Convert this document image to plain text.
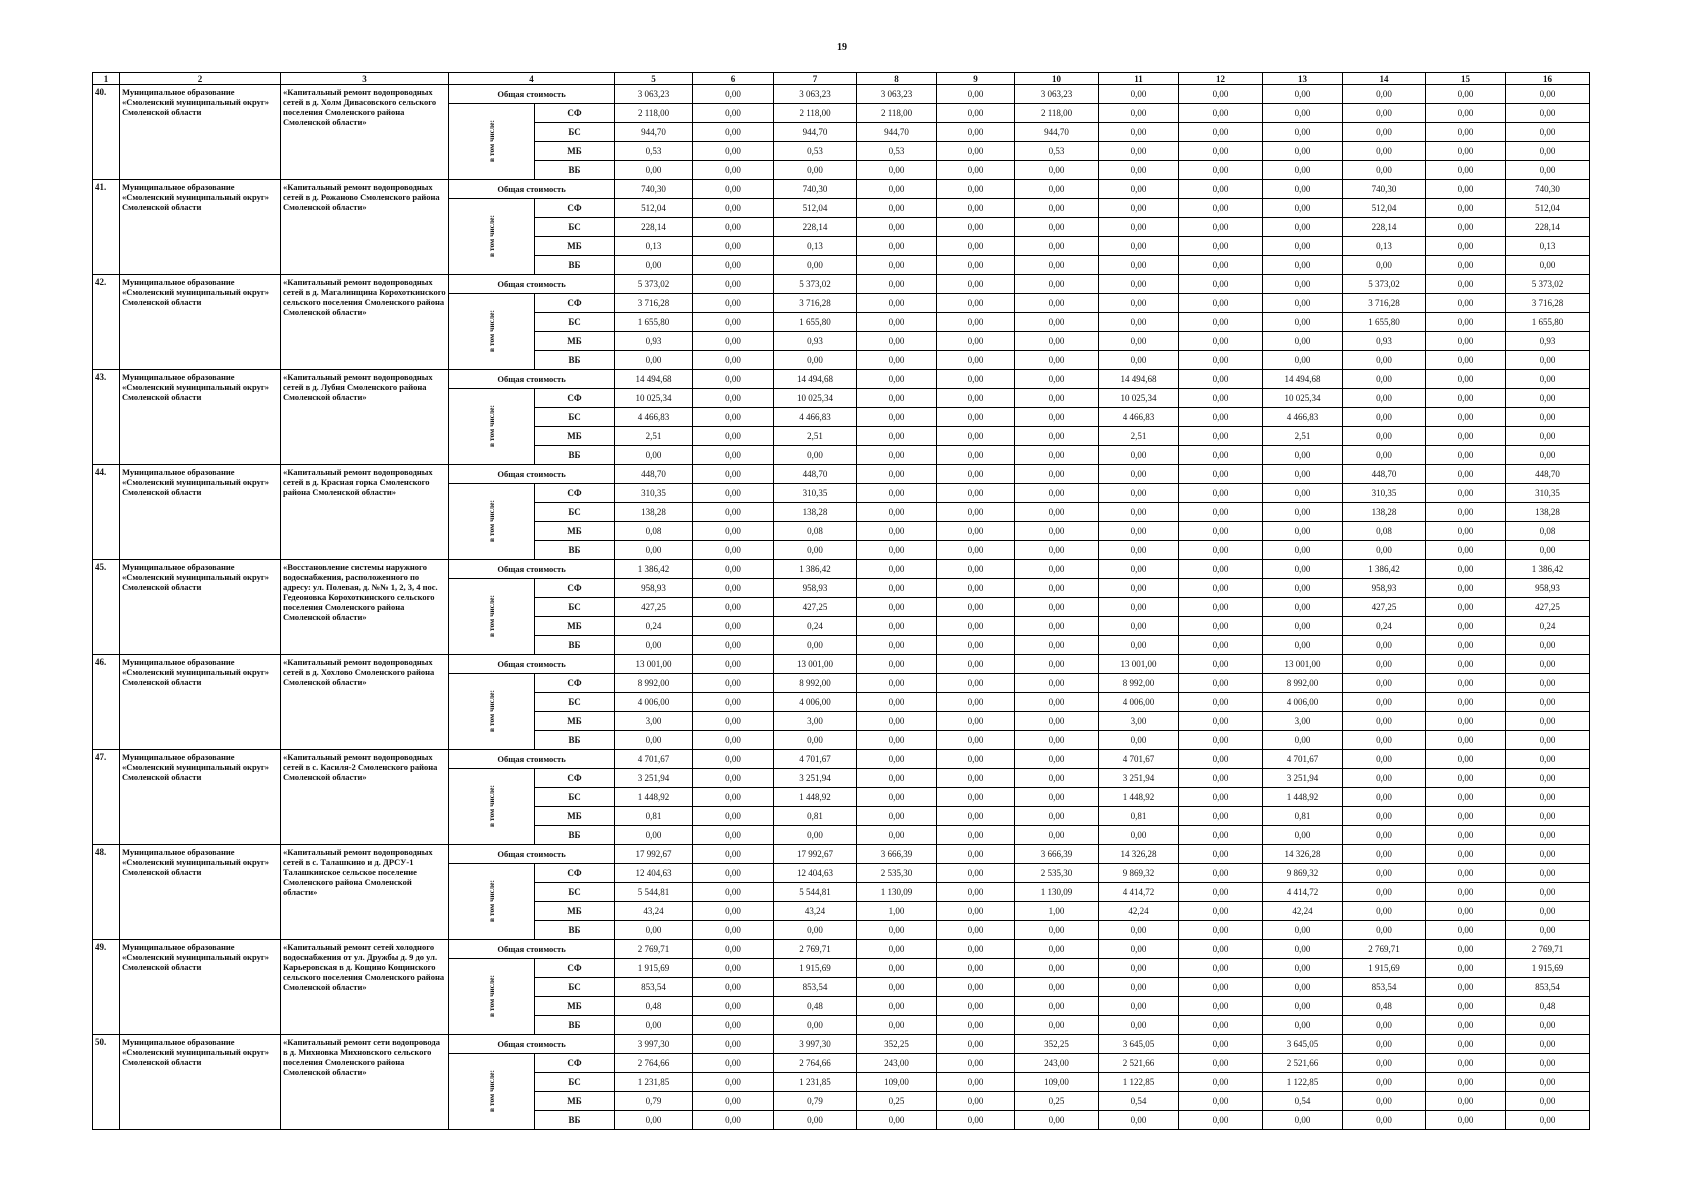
19
1	2	3	4		5	6	7	8	9	10	11	12	13	14	15	16
40.	Муниципальное образование «Смоленский муниципальный округ» Смоленской области	«Капитальный ремонт водопроводных сетей в д. Холм Дивасовского сельского поселения Смоленского района Смоленской области»	Общая стоимость		3 063,23	0,00	3 063,23	3 063,23	0,00	3 063,23	0,00	0,00	0,00	0,00	0,00	0,00

			в том числе:	СФ	2 118,00	0,00	2 118,00	2 118,00	0,00	2 118,00	0,00	0,00	0,00	0,00	0,00	0,00
				БС	944,70	0,00	944,70	944,70	0,00	944,70	0,00	0,00	0,00	0,00	0,00	0,00
				МБ	0,53	0,00	0,53	0,53	0,00	0,53	0,00	0,00	0,00	0,00	0,00	0,00
				ВБ	0,00	0,00	0,00	0,00	0,00	0,00	0,00	0,00	0,00	0,00	0,00	0,00
41.	Муниципальное образование «Смоленский муниципальный округ» Смоленской области	«Капитальный ремонт водопроводных сетей в д. Рожаново Смоленского района Смоленской области»	Общая стоимость		740,30	0,00	740,30	0,00	0,00	0,00	0,00	0,00	0,00	740,30	0,00	740,30

			в том числе:	СФ	512,04	0,00	512,04	0,00	0,00	0,00	0,00	0,00	0,00	512,04	0,00	512,04
				БС	228,14	0,00	228,14	0,00	0,00	0,00	0,00	0,00	0,00	228,14	0,00	228,14
				МБ	0,13	0,00	0,13	0,00	0,00	0,00	0,00	0,00	0,00	0,13	0,00	0,13
				ВБ	0,00	0,00	0,00	0,00	0,00	0,00	0,00	0,00	0,00	0,00	0,00	0,00
42.	Муниципальное образование «Смоленский муниципальный округ» Смоленской области	«Капитальный ремонт водопроводных сетей в д. Магалинщина Корохоткинского сельского поселения Смоленского района Смоленской области»	Общая стоимость		5 373,02	0,00	5 373,02	0,00	0,00	0,00	0,00	0,00	0,00	5 373,02	0,00	5 373,02

			в том числе:	СФ	3 716,28	0,00	3 716,28	0,00	0,00	0,00	0,00	0,00	0,00	3 716,28	0,00	3 716,28
				БС	1 655,80	0,00	1 655,80	0,00	0,00	0,00	0,00	0,00	0,00	1 655,80	0,00	1 655,80
				МБ	0,93	0,00	0,93	0,00	0,00	0,00	0,00	0,00	0,00	0,93	0,00	0,93
				ВБ	0,00	0,00	0,00	0,00	0,00	0,00	0,00	0,00	0,00	0,00	0,00	0,00
43.	Муниципальное образование «Смоленский муниципальный округ» Смоленской области	«Капитальный ремонт водопроводных сетей в д. Лубня Смоленского района Смоленской области»	Общая стоимость		14 494,68	0,00	14 494,68	0,00	0,00	0,00	14 494,68	0,00	14 494,68	0,00	0,00	0,00

			в том числе:	СФ	10 025,34	0,00	10 025,34	0,00	0,00	0,00	10 025,34	0,00	10 025,34	0,00	0,00	0,00
				БС	4 466,83	0,00	4 466,83	0,00	0,00	0,00	4 466,83	0,00	4 466,83	0,00	0,00	0,00
				МБ	2,51	0,00	2,51	0,00	0,00	0,00	2,51	0,00	2,51	0,00	0,00	0,00
				ВБ	0,00	0,00	0,00	0,00	0,00	0,00	0,00	0,00	0,00	0,00	0,00	0,00
44.	Муниципальное образование «Смоленский муниципальный округ» Смоленской области	«Капитальный ремонт водопроводных сетей в д. Красная горка Смоленского района Смоленской области»	Общая стоимость		448,70	0,00	448,70	0,00	0,00	0,00	0,00	0,00	0,00	448,70	0,00	448,70

			в том числе:	СФ	310,35	0,00	310,35	0,00	0,00	0,00	0,00	0,00	0,00	310,35	0,00	310,35
				БС	138,28	0,00	138,28	0,00	0,00	0,00	0,00	0,00	0,00	138,28	0,00	138,28
				МБ	0,08	0,00	0,08	0,00	0,00	0,00	0,00	0,00	0,00	0,08	0,00	0,08
				ВБ	0,00	0,00	0,00	0,00	0,00	0,00	0,00	0,00	0,00	0,00	0,00	0,00
45.	Муниципальное образование «Смоленский муниципальный округ» Смоленской области	«Восстановление системы наружного водоснабжения, расположенного по адресу: ул. Полевая, д. №№ 1, 2, 3, 4 пос. Гедеоновка Корохоткинского сельского поселения Смоленского района Смоленской области»	Общая стоимость		1 386,42	0,00	1 386,42	0,00	0,00	0,00	0,00	0,00	0,00	1 386,42	0,00	1 386,42

			в том числе:	СФ	958,93	0,00	958,93	0,00	0,00	0,00	0,00	0,00	0,00	958,93	0,00	958,93
				БС	427,25	0,00	427,25	0,00	0,00	0,00	0,00	0,00	0,00	427,25	0,00	427,25
				МБ	0,24	0,00	0,24	0,00	0,00	0,00	0,00	0,00	0,00	0,24	0,00	0,24
				ВБ	0,00	0,00	0,00	0,00	0,00	0,00	0,00	0,00	0,00	0,00	0,00	0,00
46.	Муниципальное образование «Смоленский муниципальный округ» Смоленской области	«Капитальный ремонт водопроводных сетей в д. Хохлово Смоленского района Смоленской области»	Общая стоимость		13 001,00	0,00	13 001,00	0,00	0,00	0,00	13 001,00	0,00	13 001,00	0,00	0,00	0,00

			в том числе:	СФ	8 992,00	0,00	8 992,00	0,00	0,00	0,00	8 992,00	0,00	8 992,00	0,00	0,00	0,00
				БС	4 006,00	0,00	4 006,00	0,00	0,00	0,00	4 006,00	0,00	4 006,00	0,00	0,00	0,00
				МБ	3,00	0,00	3,00	0,00	0,00	0,00	3,00	0,00	3,00	0,00	0,00	0,00
				ВБ	0,00	0,00	0,00	0,00	0,00	0,00	0,00	0,00	0,00	0,00	0,00	0,00
47.	Муниципальное образование «Смоленский муниципальный округ» Смоленской области	«Капитальный ремонт водопроводных сетей в с. Касиля-2 Смоленского района Смоленской области»	Общая стоимость		4 701,67	0,00	4 701,67	0,00	0,00	0,00	4 701,67	0,00	4 701,67	0,00	0,00	0,00

			в том числе:	СФ	3 251,94	0,00	3 251,94	0,00	0,00	0,00	3 251,94	0,00	3 251,94	0,00	0,00	0,00
				БС	1 448,92	0,00	1 448,92	0,00	0,00	0,00	1 448,92	0,00	1 448,92	0,00	0,00	0,00
				МБ	0,81	0,00	0,81	0,00	0,00	0,00	0,81	0,00	0,81	0,00	0,00	0,00
				ВБ	0,00	0,00	0,00	0,00	0,00	0,00	0,00	0,00	0,00	0,00	0,00	0,00
48.	Муниципальное образование «Смоленский муниципальный округ» Смоленской области	«Капитальный ремонт водопроводных сетей в с. Талашкино и д. ДРСУ-1 Талашкинское сельское поселение Смоленского района Смоленской области»	Общая стоимость		17 992,67	0,00	17 992,67	3 666,39	0,00	3 666,39	14 326,28	0,00	14 326,28	0,00	0,00	0,00

			в том числе:	СФ	12 404,63	0,00	12 404,63	2 535,30	0,00	2 535,30	9 869,32	0,00	9 869,32	0,00	0,00	0,00
				БС	5 544,81	0,00	5 544,81	1 130,09	0,00	1 130,09	4 414,72	0,00	4 414,72	0,00	0,00	0,00
				МБ	43,24	0,00	43,24	1,00	0,00	1,00	42,24	0,00	42,24	0,00	0,00	0,00
				ВБ	0,00	0,00	0,00	0,00	0,00	0,00	0,00	0,00	0,00	0,00	0,00	0,00
49.	Муниципальное образование «Смоленский муниципальный округ» Смоленской области	«Капитальный ремонт сетей холодного водоснабжения от ул. Дружбы д. 9 до ул. Карьеровская в д. Кощино Кощинского сельского поселения Смоленского района Смоленской области»	Общая стоимость		2 769,71	0,00	2 769,71	0,00	0,00	0,00	0,00	0,00	0,00	2 769,71	0,00	2 769,71

			в том числе:	СФ	1 915,69	0,00	1 915,69	0,00	0,00	0,00	0,00	0,00	0,00	1 915,69	0,00	1 915,69
				БС	853,54	0,00	853,54	0,00	0,00	0,00	0,00	0,00	0,00	853,54	0,00	853,54
				МБ	0,48	0,00	0,48	0,00	0,00	0,00	0,00	0,00	0,00	0,48	0,00	0,48
				ВБ	0,00	0,00	0,00	0,00	0,00	0,00	0,00	0,00	0,00	0,00	0,00	0,00
50.	Муниципальное образование «Смоленский муниципальный округ» Смоленской области	«Капитальный ремонт сети водопровода в д. Михновка Михновского сельского поселения Смоленского района Смоленской области»	Общая стоимость		3 997,30	0,00	3 997,30	352,25	0,00	352,25	3 645,05	0,00	3 645,05	0,00	0,00	0,00

			в том числе:	СФ	2 764,66	0,00	2 764,66	243,00	0,00	243,00	2 521,66	0,00	2 521,66	0,00	0,00	0,00
				БС	1 231,85	0,00	1 231,85	109,00	0,00	109,00	1 122,85	0,00	1 122,85	0,00	0,00	0,00
				МБ	0,79	0,00	0,79	0,25	0,00	0,25	0,54	0,00	0,54	0,00	0,00	0,00
				ВБ	0,00	0,00	0,00	0,00	0,00	0,00	0,00	0,00	0,00	0,00	0,00	0,00
